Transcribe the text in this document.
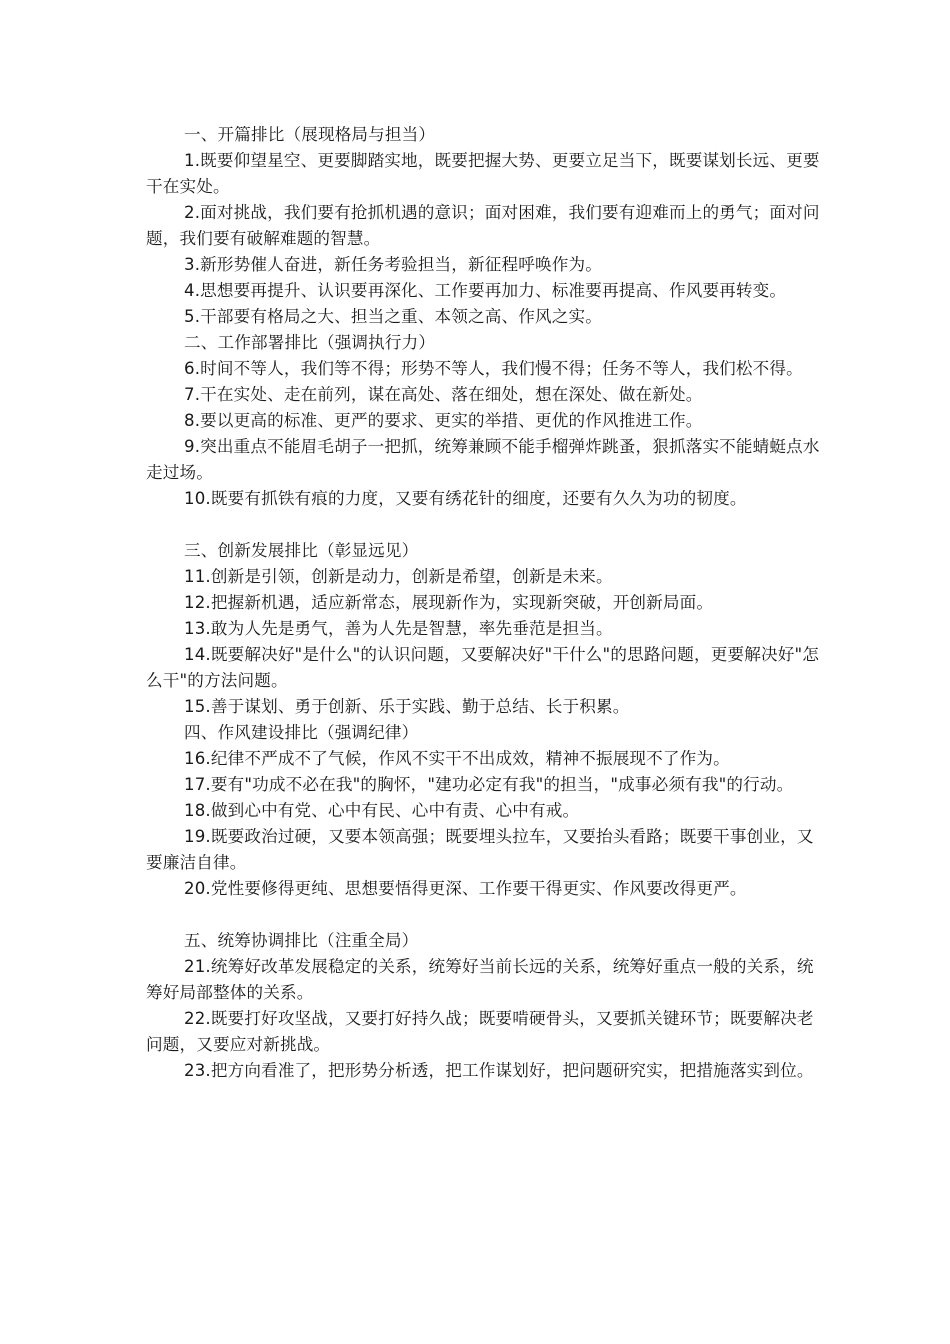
一、开篇排比（展现格局与担当）

1.既要仰望星空、更要脚踏实地，既要把握大势、更要立足当下，既要谋划长远、更要干在实处。

2.面对挑战，我们要有抢抓机遇的意识；面对困难，我们要有迎难而上的勇气；面对问题，我们要有破解难题的智慧。

3.新形势催人奋进，新任务考验担当，新征程呼唤作为。

4.思想要再提升、认识要再深化、工作要再加力、标准要再提高、作风要再转变。

5.干部要有格局之大、担当之重、本领之高、作风之实。

二、工作部署排比（强调执行力）

6.时间不等人，我们等不得；形势不等人，我们慢不得；任务不等人，我们松不得。

7.干在实处、走在前列，谋在高处、落在细处，想在深处、做在新处。

8.要以更高的标准、更严的要求、更实的举措、更优的作风推进工作。

9.突出重点不能眉毛胡子一把抓，统筹兼顾不能手榴弹炸跳蚤，狠抓落实不能蜻蜓点水走过场。

10.既要有抓铁有痕的力度，又要有绣花针的细度，还要有久久为功的韧度。

三、创新发展排比（彰显远见）

11.创新是引领，创新是动力，创新是希望，创新是未来。

12.把握新机遇，适应新常态，展现新作为，实现新突破，开创新局面。

13.敢为人先是勇气，善为人先是智慧，率先垂范是担当。

14.既要解决好"是什么"的认识问题，又要解决好"干什么"的思路问题，更要解决好"怎么干"的方法问题。

15.善于谋划、勇于创新、乐于实践、勤于总结、长于积累。

四、作风建设排比（强调纪律）

16.纪律不严成不了气候，作风不实干不出成效，精神不振展现不了作为。

17.要有"功成不必在我"的胸怀，"建功必定有我"的担当，"成事必须有我"的行动。

18.做到心中有党、心中有民、心中有责、心中有戒。

19.既要政治过硬，又要本领高强；既要埋头拉车，又要抬头看路；既要干事创业，又要廉洁自律。

20.党性要修得更纯、思想要悟得更深、工作要干得更实、作风要改得更严。

五、统筹协调排比（注重全局）

21.统筹好改革发展稳定的关系，统筹好当前长远的关系，统筹好重点一般的关系，统筹好局部整体的关系。

22.既要打好攻坚战，又要打好持久战；既要啃硬骨头，又要抓关键环节；既要解决老问题，又要应对新挑战。

23.把方向看准了，把形势分析透，把工作谋划好，把问题研究实，把措施落实到位。
